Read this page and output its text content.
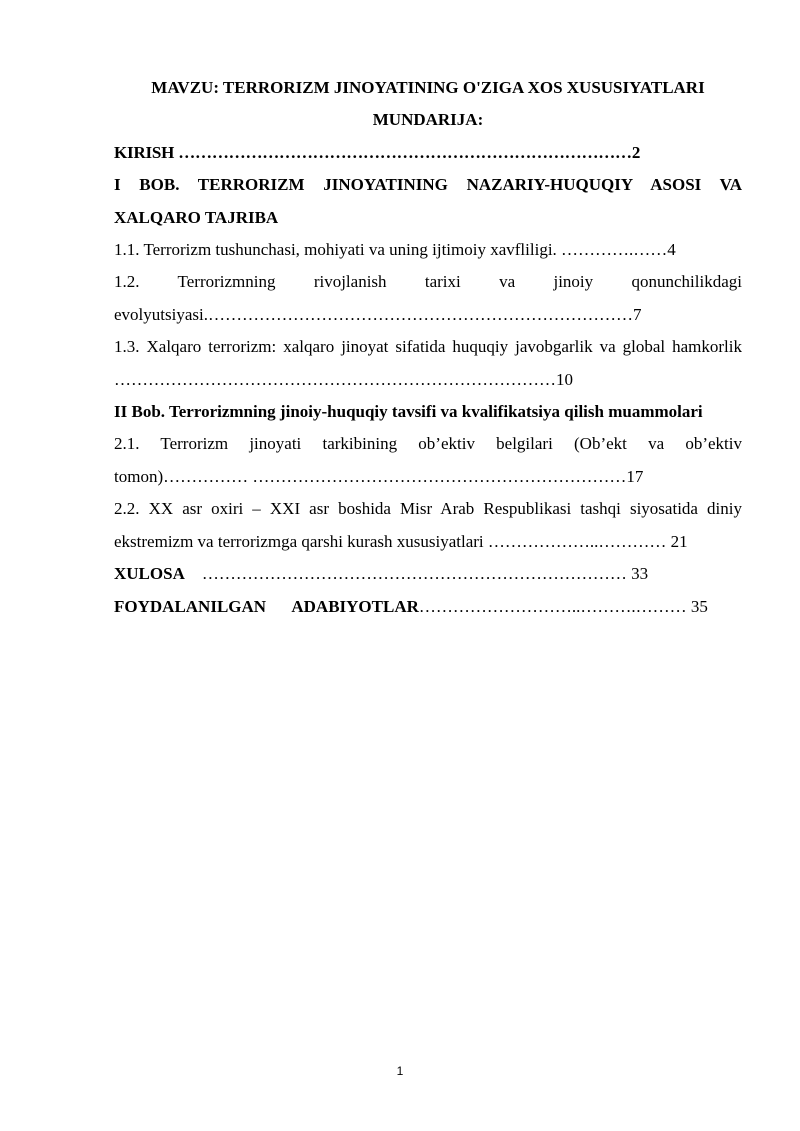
MAVZU: TERRORIZM JINOYATINING O'ZIGA XOS XUSUSIYATLARI
MUNDARIJA:
KIRISH ………………………………………………………………………2
I BOB. TERRORIZM JINOYATINING NAZARIY-HUQUQIY ASOSI VA XALQARO TAJRIBA
1.1. Terrorizm tushunchasi, mohiyati va uning ijtimoiy xavfliligi. ………….……4
1.2. Terrorizmning rivojlanish tarixi va jinoiy qonunchilikdagi
evolyutsiyasi.…………………………………………………………………7
1.3. Xalqaro terrorizm: xalqaro jinoyat sifatida huquqiy javobgarlik va global hamkorlik ……………………………………………………………………10
II Bob. Terrorizmning jinoiy-huquqiy tavsifi va kvalifikatsiya qilish muammolari
2.1. Terrorizm jinoyati tarkibining ob’ektiv belgilari (Ob’ekt va ob’ektiv tomon)…………… …………………………………………………………17
2.2. XX asr oxiri – XXI asr boshida Misr Arab Respublikasi tashqi siyosatida diniy ekstremizm va terrorizmga qarshi kurash xususiyatlari ………………..………… 21
XULOSA ………………………………………………………………… 33
FOYDALANILGAN ADABIYOTLAR………………………..……….……… 35
1
